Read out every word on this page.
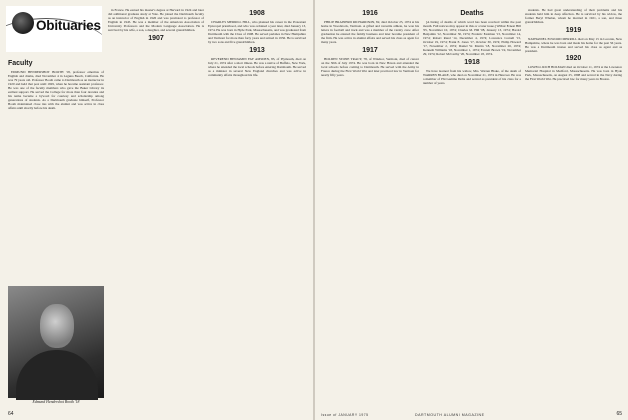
Obituaries
Faculty

EDMUND HENDERSHOT BOOTH '18, professor emeritus of English and drama, died November 4 in Laguna Beach, California. He was 79 years old. Professor Booth came to Dartmouth as an instructor in 1920 and held that post until 1929, when he became assistant professor. He was one of the faculty members who gave the Baker Library its earliest support. He served the College for more than four decades and his name became a byword for courtesy and scholarship among generations of students. As a Dartmouth graduate himself, Professor Booth maintained close ties with the alumni and was active in class affairs until shortly before his death.

Edmund Hendershot Booth '18

in France. He earned his master's degree at Harvard in 1924 and later did additional graduate study at Yale. He joined the Dartmouth faculty as an instructor of English in 1926 and was promoted to professor of English in 1945. He was a member of the American Association of University Professors and the Modern Language Association. He is survived by his wife, a son, a daughter, and several grandchildren.

1907
1908

CHARLES MERRILL HILL, who planned his career in the Protestant Episcopal priesthood, and who was ordained a year later, died January 13, 1974. He was born in Hyde Park, Massachusetts, and was graduated from Dartmouth with the Class of 1908. He served parishes in New Hampshire and Vermont for more than forty years and retired in 1956. He is survived by two sons and five grandchildren.

1913

REVEREND BENJAMIN FAY AMSDEN, 83, of Plymouth, died on July 21, 1974 after a short illness. He was a native of Buffalo, New York, where he attended the local schools before entering Dartmouth. He served as a minister in several New England churches and was active in community affairs throughout his life.

64
1916

PHILIP BRAINERD RICHARDSON, 82, died October 25, 1974 at his home in Woodstock, Vermont. A gifted and versatile athlete, he won his letters in football and track and was a member of the varsity crew. After graduation he entered the family business and later became president of the firm. He was active in alumni affairs and served his class as agent for many years.

1917

HOLDEN STONE TRACY, 78, of Windsor, Vermont, died of cancer on the 30th of July 1974. He was born in New Haven and attended the local schools before coming to Dartmouth. He served with the Army in France during the First World War and later practiced law in Vermont for nearly fifty years.

Deaths

[A listing of deaths of which word has been received within the past month. Full notices may appear in this or a later issue.] Wilbur Ernest Hill '05, November 10, 1974; Charles M. Hill '08, January 13, 1974; Harold Benjamin '12, November 30, 1974; Frederic Eastman '13, November 14, 1974; Robert Rand '14, December 4, 1974; Lawrence Cornell '15, October 19, 1974; Frank E. Jones '17, October 30, 1974; Philip Howard '17, November 2, 1974; Daniel W. Martin '18, November 26, 1974; Kenneth Williams '18, November 1, 1974; Everett Brown '19, November 29, 1974; Robert McCarthy '20, November 18, 1974.

1918

We have learned from his widow, Mrs. Warren Blake, of the death of WARREN BLAKE, who died on November 21, 1974 in Hanover. He was a member of Phi Gamma Delta and served as president of his class for a number of years.

students. He had great understanding of their problems and his students held him in deep affection. He is survived by his widow, the former Beryl Whelan, whom he married in 1921, a son, and three grandchildren.

1919

NATHANIEL ELWOOD MERRILL died on May 15 in Laconia, New Hampshire, where he was born and made his home for the past 56 years. He was a Dartmouth trustee and served his class as agent and as president.

1920

LOWELL RICH HOLMAN died on October 11, 1974 at the Lawrence Memorial Hospital in Medford, Massachusetts. He was born in Hyde Park, Massachusetts, on August 25, 1898 and served in the Navy during the First World War. He practiced law for many years in Boston.

DARTMOUTH ALUMNI MAGAZINE
Issue of JANUARY 1975	65
